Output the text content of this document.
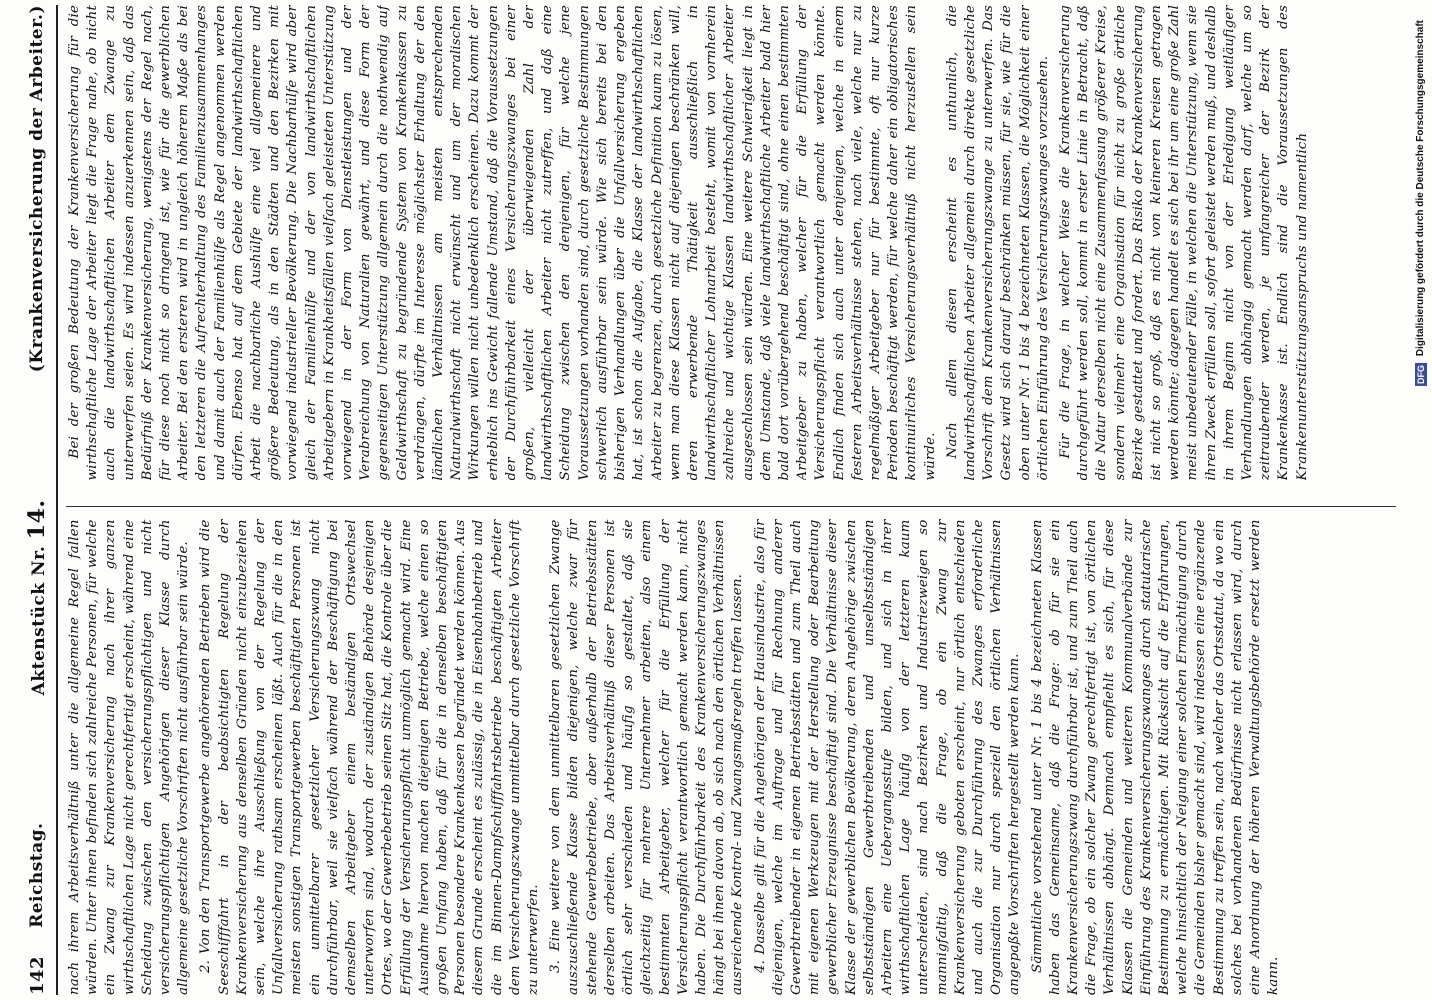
142
Reichstag.
Aktenstück Nr. 14.
(Krankenversicherung der Arbeiter.)

nach ihrem Arbeitsverhältniß unter die allgemeine Regel fallen würden. Unter ihnen befinden sich zahlreiche Personen, für welche ein Zwang zur Krankenversicherung nach ihrer ganzen wirthschaftlichen Lage nicht gerechtfertigt erscheint, während eine Scheidung zwischen den versicherungspflichtigen und nicht versicherungspflichtigen Angehörigen dieser Klasse durch allgemeine gesetzliche Vorschriften nicht ausführbar sein würde. 2. Von den Transportgewerbe angehörenden Betrieben wird die Seeschifffahrt in der beabsichtigten Regelung der Krankenversicherung aus denselben Gründen nicht einzubeziehen sein, welche ihre Ausschließung von der Regelung der Unfallversicherung rathsam erscheinen läßt. Auch für die in den meisten sonstigen Transportgewerben beschäftigten Personen ist ein unmittelbarer gesetzlicher Versicherungszwang nicht durchführbar, weil sie vielfach während der Beschäftigung bei demselben Arbeitgeber einem beständigen Ortswechsel unterworfen sind, wodurch der zuständigen Behörde desjenigen Ortes, wo der Gewerbebetrieb seinen Sitz hat, die Kontrole über die Erfüllung der Versicherungspflicht unmöglich gemacht wird. Eine Ausnahme hiervon machen diejenigen Betriebe, welche einen so großen Umfang haben, daß für die in denselben beschäftigten Personen besondere Krankenkassen begründet werden können. Aus diesem Grunde erscheint es zulässig, die in Eisenbahnbetrieb und die im Binnen-Dampfschifffahrtsbetriebe beschäftigten Arbeiter dem Versicherungszwange unmittelbar durch gesetzliche Vorschrift zu unterwerfen. 3. Eine weitere von dem unmittelbaren gesetzlichen Zwange auszuschließende Klasse bilden diejenigen, welche zwar für stehende Gewerbebetriebe, aber außerhalb der Betriebsstätten derselben arbeiten. Das Arbeitsverhältniß dieser Personen ist örtlich sehr verschieden und häufig so gestaltet, daß sie gleichzeitig für mehrere Unternehmer arbeiten, also einem bestimmten Arbeitgeber, welcher für die Erfüllung der Versicherungspflicht verantwortlich gemacht werden kann, nicht haben. Die Durchführbarkeit des Krankenversicherungszwanges hängt bei ihnen davon ab, ob sich nach den örtlichen Verhältnissen ausreichende Kontrol- und Zwangsmaßregeln treffen lassen. 4. Dasselbe gilt für die Angehörigen der Hausindustrie, also für diejenigen, welche im Auftrage und für Rechnung anderer Gewerbtreibender in eigenen Betriebsstätten und zum Theil auch mit eigenen Werkzeugen mit der Herstellung oder Bearbeitung gewerblicher Erzeugnisse beschäftigt sind. Die Verhältnisse dieser Klasse der gewerblichen Bevölkerung, deren Angehörige zwischen selbstständigen Gewerbtreibenden und unselbstständigen Arbeitern eine Uebergangsstufe bilden, und sich in ihrer wirthschaftlichen Lage häufig von der letzteren kaum unterscheiden, sind nach Bezirken und Industriezweigen so mannigfaltig, daß die Frage, ob ein Zwang zur Krankenversicherung geboten erscheint, nur örtlich entschieden und auch die zur Durchführung des Zwanges erforderliche Organisation nur durch speziell den örtlichen Verhältnissen angepaßte Vorschriften hergestellt werden kann. Sämmtliche vorstehend unter Nr. 1 bis 4 bezeichneten Klassen haben das Gemeinsame, daß die Frage: ob für sie ein Krankenversicherungszwang durchführbar ist, und zum Theil auch die Frage, ob ein solcher Zwang gerechtfertigt ist, von örtlichen Verhältnissen abhängt. Demnach empfiehlt es sich, für diese Klassen die Gemeinden und weiteren Kommunalverbände zur Einführung des Krankenversicherungszwanges durch statutarische Bestimmung zu ermächtigen. Mit Rücksicht auf die Erfahrungen, welche hinsichtlich der Neigung einer solchen Ermächtigung durch die Gemeinden bisher gemacht sind, wird indessen eine ergänzende Bestimmung zu treffen sein, nach welcher das Ortsstatut, da wo ein solches bei vorhandenen Bedürfnisse nicht erlassen wird, durch eine Anordnung der höheren Verwaltungsbehörde ersetzt werden kann.

Bei der großen Bedeutung der Krankenversicherung für die wirthschaftliche Lage der Arbeiter liegt die Frage nahe, ob nicht auch die landwirthschaftlichen Arbeiter dem Zwange zu unterwerfen seien. Es wird indessen anzuerkennen sein, daß das Bedürfniß der Krankenversicherung, wenigstens der Regel nach, für diese noch nicht so dringend ist, wie für die gewerblichen Arbeiter. Bei den ersteren wird in ungleich höherem Maße als bei den letzteren die Aufrechterhaltung des Familienzusammenhanges und damit auch der Familienhülfe als Regel angenommen werden dürfen. Ebenso hat auf dem Gebiete der landwirthschaftlichen Arbeit die nachbarliche Aushülfe eine viel allgemeinere und größere Bedeutung, als in den Städten und den Bezirken mit vorwiegend industrieller Bevölkerung. Die Nachbarhülfe wird aber gleich der Familienhülfe und der von landwirthschaftlichen Arbeitgebern in Krankheitsfällen vielfach geleisteten Unterstützung vorwiegend in der Form von Dienstleistungen und der Verabreichung von Naturalien gewährt, und diese Form der gegenseitigen Unterstützung allgemein durch die nothwendig auf Geldwirthschaft zu begründende System von Krankenkassen zu verdrängen, dürfte im Interesse möglichster Erhaltung der den ländlichen Verhältnissen am meisten entsprechenden Naturalwirthschaft nicht erwünscht und um der moralischen Wirkungen willen nicht unbedenklich erscheinen. Dazu kommt der erheblich ins Gewicht fallende Umstand, daß die Voraussetzungen der Durchführbarkeit eines Versicherungszwanges bei einer großen, vielleicht der überwiegenden Zahl der landwirthschaftlichen Arbeiter nicht zutreffen, und daß eine Scheidung zwischen den denjenigen, für welche jene Voraussetzungen vorhanden sind, durch gesetzliche Bestimmungen schwerlich ausführbar sein würde. Wie sich bereits bei den bisherigen Verhandlungen über die Unfallversicherung ergeben hat, ist schon die Aufgabe, die Klasse der landwirthschaftlichen Arbeiter zu begrenzen, durch gesetzliche Definition kaum zu lösen, wenn man diese Klassen nicht auf diejenigen beschränken will, deren erwerbende Thätigkeit ausschließlich in landwirthschaftlicher Lohnarbeit besteht, womit von vornherein zahlreiche und wichtige Klassen landwirthschaftlicher Arbeiter ausgeschlossen sein würden. Eine weitere Schwierigkeit liegt in dem Umstande, daß viele landwirthschaftliche Arbeiter bald hier bald dort vorübergehend beschäftigt sind, ohne einen bestimmten Arbeitgeber zu haben, welcher für die Erfüllung der Versicherungspflicht verantwortlich gemacht werden könnte. Endlich finden sich auch unter denjenigen, welche in einem festeren Arbeitsverhältnisse stehen, nach viele, welche nur zu regelmäßiger Arbeitgeber nur für bestimmte, oft nur kurze Perioden beschäftigt werden, für welche daher ein obligatorisches kontinuirliches Versicherungsverhältniß nicht herzustellen sein würde. Nach allem diesen erscheint es unthunlich, die landwirthschaftlichen Arbeiter allgemein durch direkte gesetzliche Vorschrift dem Krankenversicherungszwange zu unterwerfen. Das Gesetz wird sich darauf beschränken müssen, für sie, wie für die oben unter Nr. 1 bis 4 bezeichneten Klassen, die Möglichkeit einer örtlichen Einführung des Versicherungszwanges vorzusehen. Für die Frage, in welcher Weise die Krankenversicherung durchgeführt werden soll, kommt in erster Linie in Betracht, daß die Natur derselben nicht eine Zusammenfassung größerer Kreise, sondern vielmehr eine Organisation für nicht zu große örtliche Bezirke gestattet und fordert. Das Risiko der Krankenversicherung ist nicht so groß, daß es nicht von kleineren Kreisen getragen werden könnte; dagegen handelt es sich bei ihr um eine große Zahl meist unbedeutender Fälle, in welchen die Unterstützung, wenn sie ihren Zweck erfüllen soll, sofort geleistet werden muß, und deshalb in ihrem Beginn nicht von der Erledigung weitläufiger Verhandlungen abhängig gemacht werden darf, welche um so zeitraubender werden, je umfangreicher der Bezirk der Krankenkasse ist. Endlich sind die Voraussetzungen des Krankenunterstützungsanspruchs und namentlich	DFG Digitalisierung gefördert durch die Deutsche Forschungsgemeinschaft
